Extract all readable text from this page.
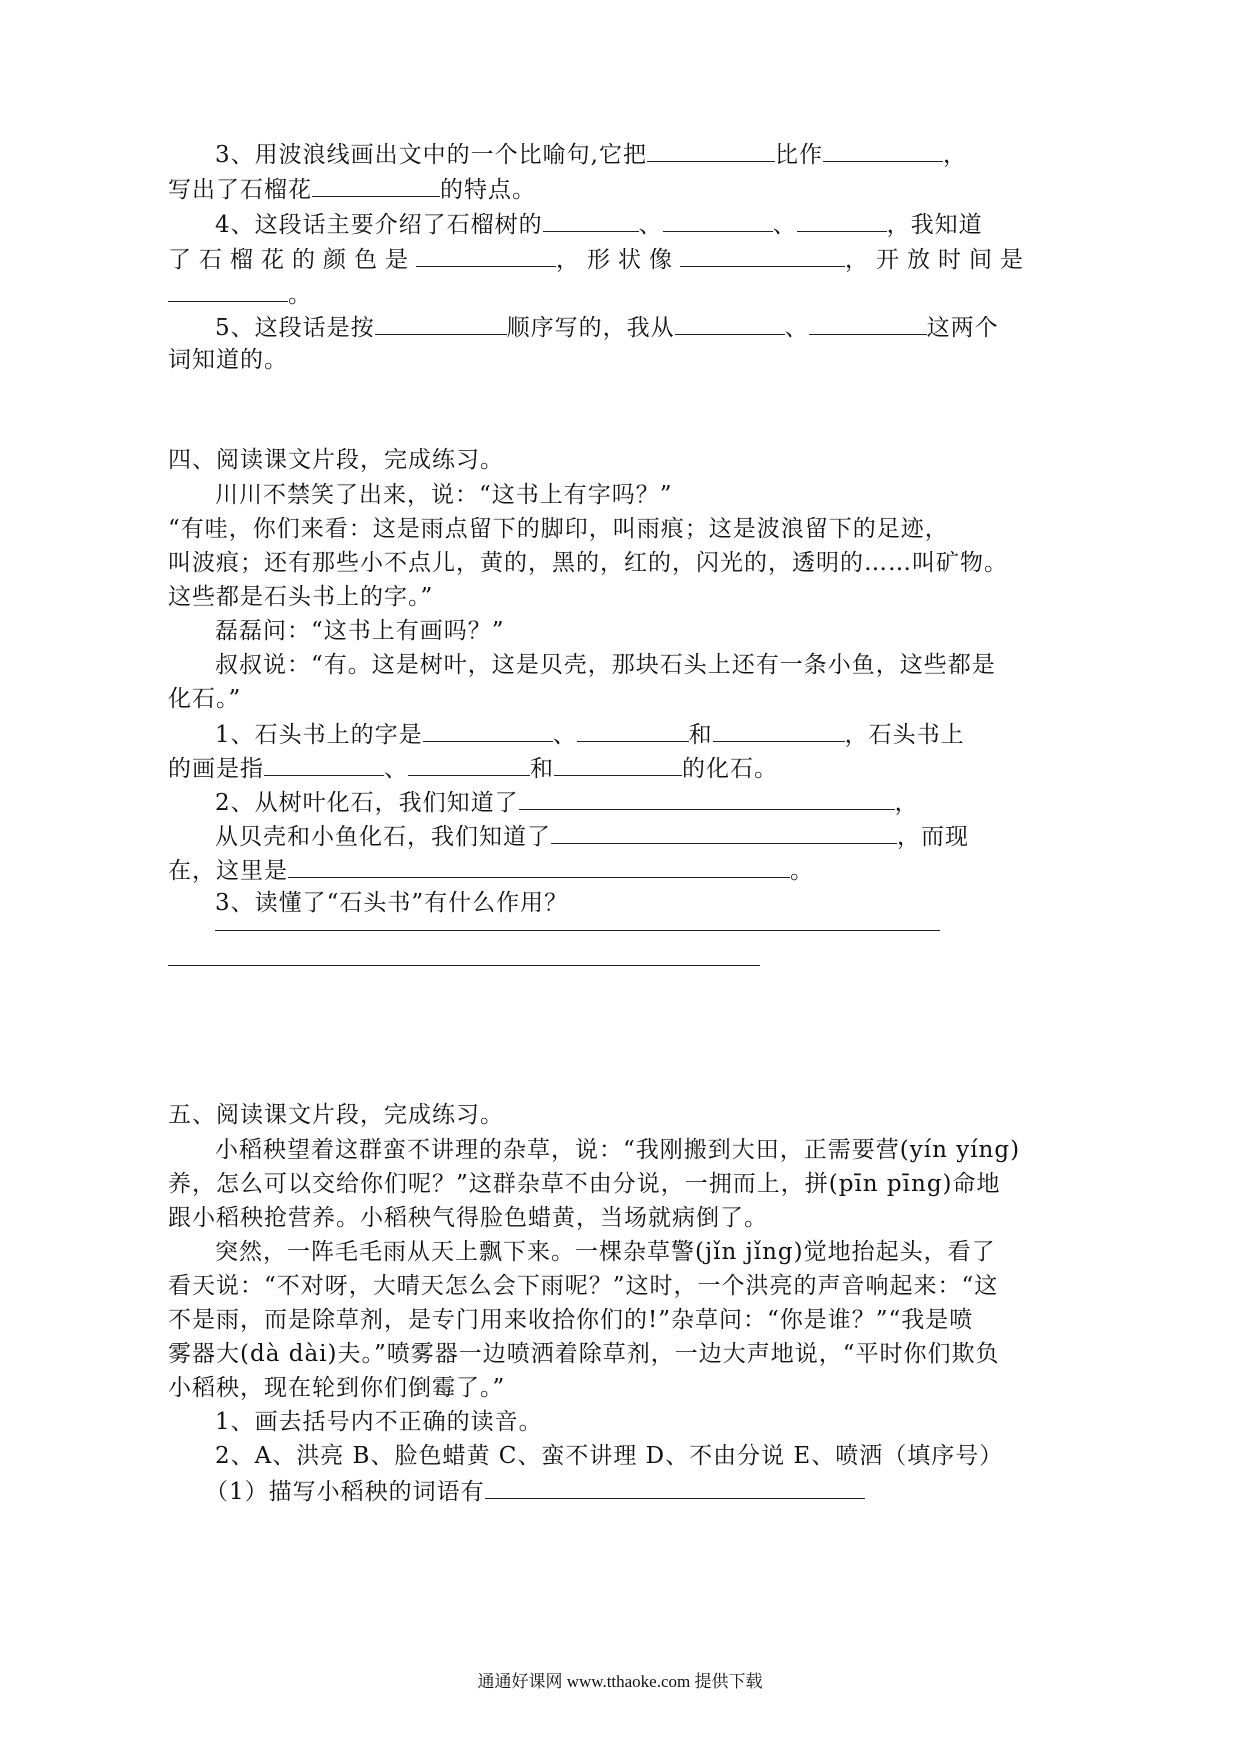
3、用波浪线画出文中的一个比喻句,它把	比作	，
写出了石榴花	的特点。
4、这段话主要介绍了石榴树的	、	、	，我知道
了石榴花的颜色是	，形状像	，开放时间是
。
5、这段话是按	顺序写的，我从	、	这两个
词知道的。
四、阅读课文片段，完成练习。
川川不禁笑了出来，说：“这书上有字吗？”
“有哇，你们来看：这是雨点留下的脚印，叫雨痕；这是波浪留下的足迹，
叫波痕；还有那些小不点儿，黄的，黑的，红的，闪光的，透明的……叫矿物。
这些都是石头书上的字。”
磊磊问：“这书上有画吗？”
叔叔说：“有。这是树叶，这是贝壳，那块石头上还有一条小鱼，这些都是
化石。”
1、石头书上的字是	、	和	，石头书上
的画是指	、	和	的化石。
2、从树叶化石，我们知道了	，
从贝壳和小鱼化石，我们知道了	，而现
在，这里是	。
3、读懂了“石头书”有什么作用？
五、阅读课文片段，完成练习。
小稻秧望着这群蛮不讲理的杂草，说：“我刚搬到大田，正需要营(yín yíng)
养，怎么可以交给你们呢？”这群杂草不由分说，一拥而上，拼(pīn pīng)命地
跟小稻秧抢营养。小稻秧气得脸色蜡黄，当场就病倒了。
突然，一阵毛毛雨从天上飘下来。一棵杂草警(jǐn jǐng)觉地抬起头，看了
看天说：“不对呀，大晴天怎么会下雨呢？”这时，一个洪亮的声音响起来：“这
不是雨，而是除草剂，是专门用来收拾你们的!”杂草问：“你是谁？”“我是喷
雾器大(dà dài)夫。”喷雾器一边喷洒着除草剂，一边大声地说，“平时你们欺负
小稻秧，现在轮到你们倒霉了。”
1、画去括号内不正确的读音。
2、A、洪亮 B、脸色蜡黄 C、蛮不讲理 D、不由分说 E、喷洒（填序号）
（1）描写小稻秧的词语有
通通好课网 www.tthaoke.com 提供下载
